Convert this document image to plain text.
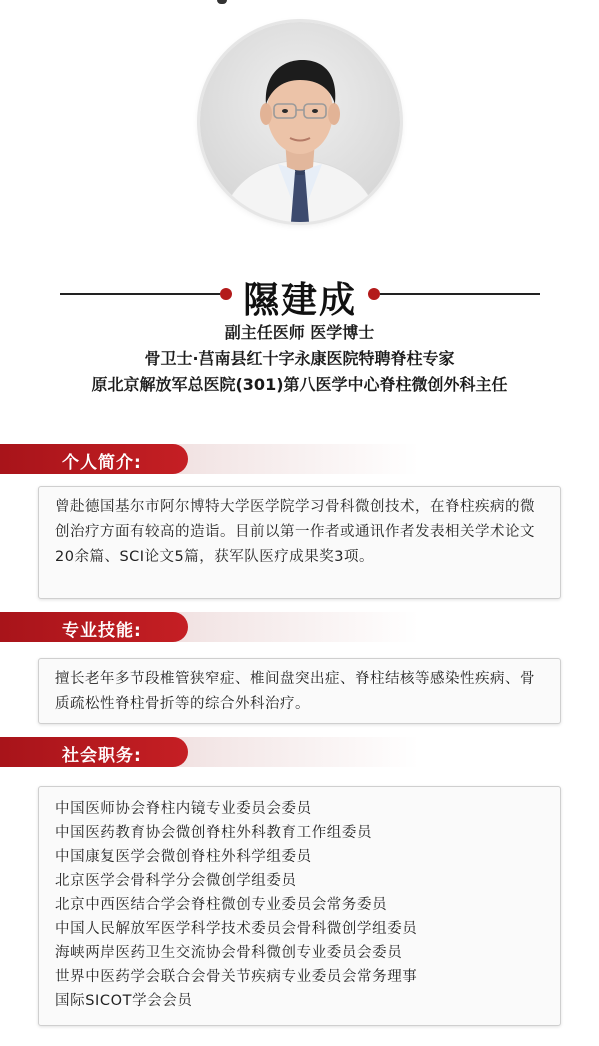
隰建成
副主任医师 医学博士
骨卫士·莒南县红十字永康医院特聘脊柱专家
原北京解放军总医院(301)第八医学中心脊柱微创外科主任
个人简介:

曾赴德国基尔市阿尔博特大学医学院学习骨科微创技术，在脊柱疾病的微创治疗方面有较高的造诣。目前以第一作者或通讯作者发表相关学术论文20余篇、SCI论文5篇，获军队医疗成果奖3项。

专业技能:

擅长老年多节段椎管狭窄症、椎间盘突出症、脊柱结核等感染性疾病、骨质疏松性脊柱骨折等的综合外科治疗。

社会职务:
中国医师协会脊柱内镜专业委员会委员
中国医药教育协会微创脊柱外科教育工作组委员
中国康复医学会微创脊柱外科学组委员
北京医学会骨科学分会微创学组委员
北京中西医结合学会脊柱微创专业委员会常务委员
中国人民解放军医学科学技术委员会骨科微创学组委员
海峡两岸医药卫生交流协会骨科微创专业委员会委员
世界中医药学会联合会骨关节疾病专业委员会常务理事
国际SICOT学会会员
